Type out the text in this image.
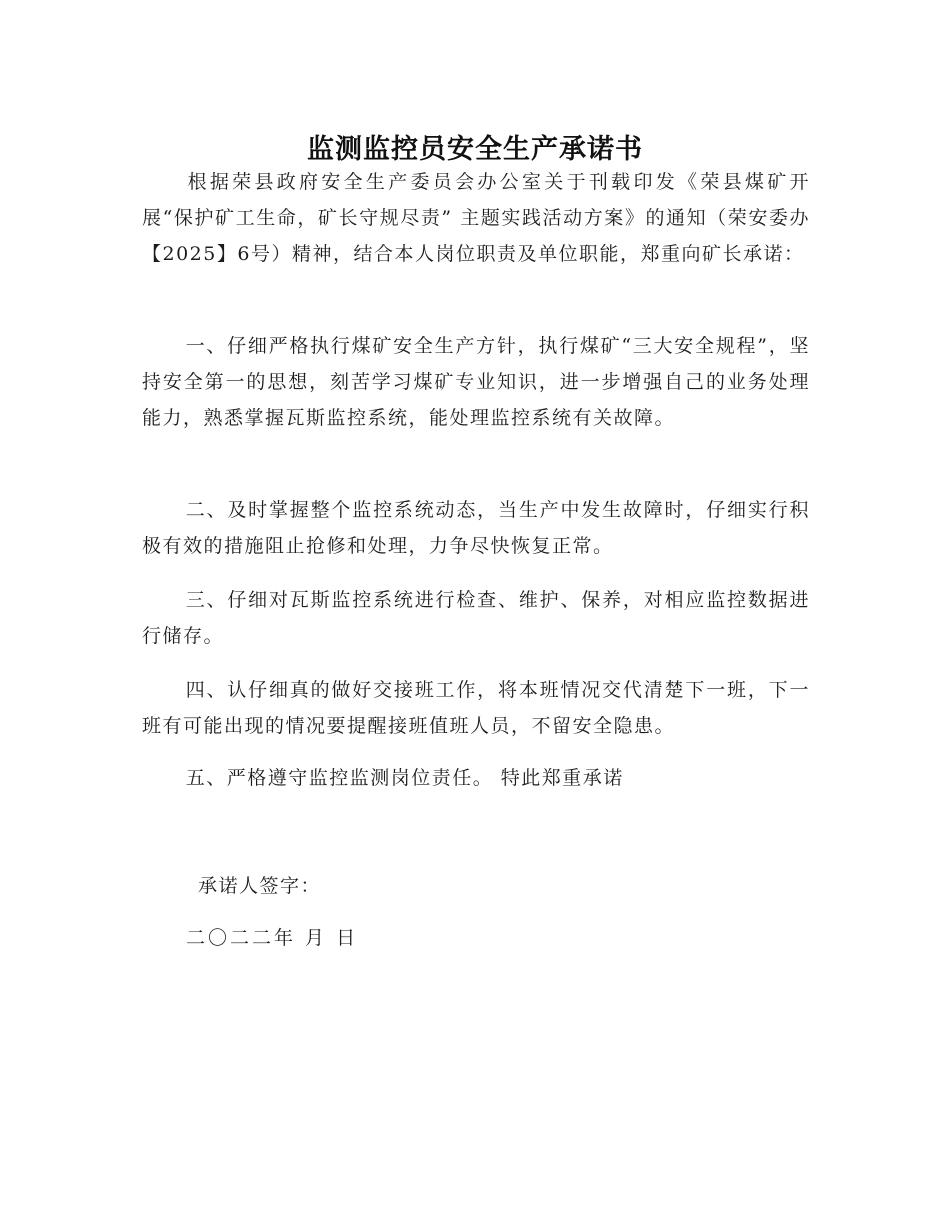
监测监控员安全生产承诺书

根据荣县政府安全生产委员会办公室关于刊载印发《荣县煤矿开展“保护矿工生命，矿长守规尽责” 主题实践活动方案》的通知（荣安委办【2025】6号）精神，结合本人岗位职责及单位职能，郑重向矿长承诺：

一、仔细严格执行煤矿安全生产方针，执行煤矿“三大安全规程”，坚持安全第一的思想，刻苦学习煤矿专业知识，进一步增强自己的业务处理能力，熟悉掌握瓦斯监控系统，能处理监控系统有关故障。

二、及时掌握整个监控系统动态，当生产中发生故障时，仔细实行积极有效的措施阻止抢修和处理，力争尽快恢复正常。

三、仔细对瓦斯监控系统进行检查、维护、保养，对相应监控数据进行储存。

四、认仔细真的做好交接班工作，将本班情况交代清楚下一班，下一班有可能出现的情况要提醒接班值班人员，不留安全隐患。

五、严格遵守监控监测岗位责任。 特此郑重承诺

承诺人签字：
二〇二二年 月 日
